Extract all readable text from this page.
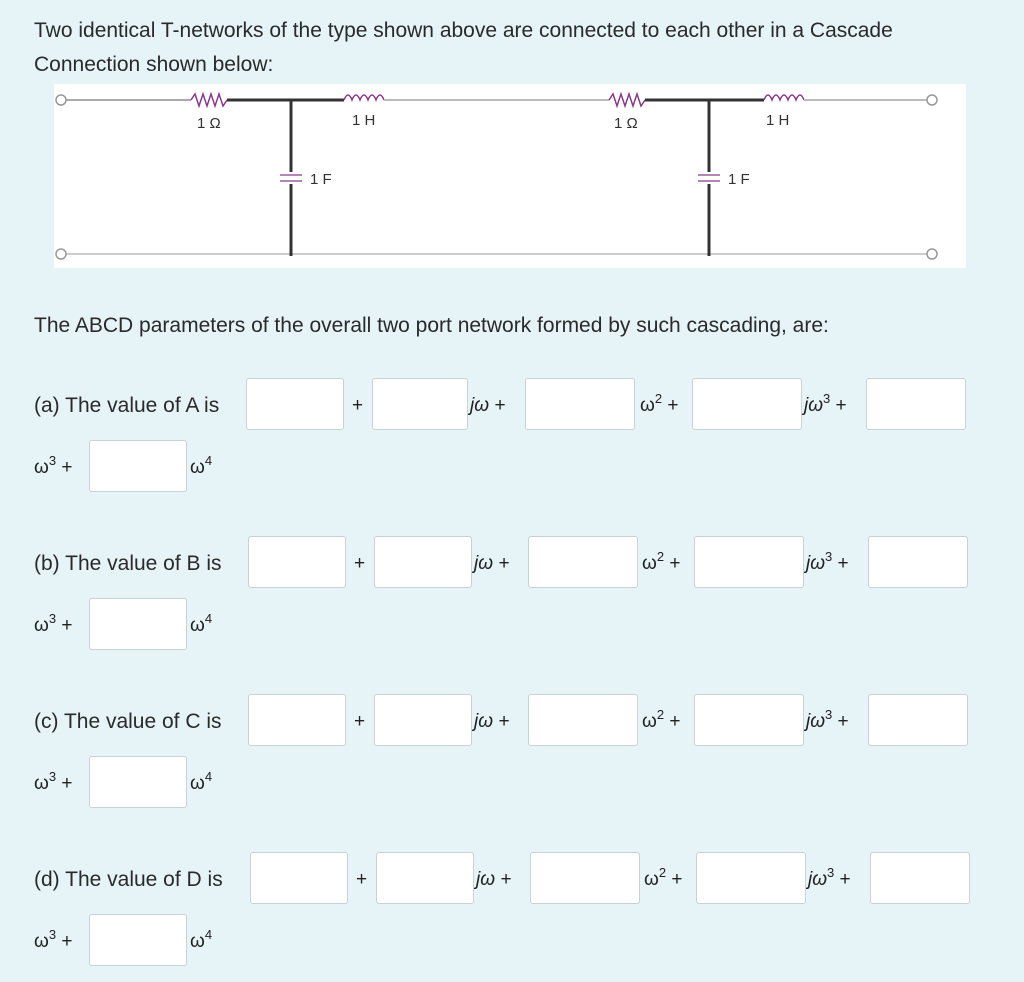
Two identical T-networks of the type shown above are connected to each other in a Cascade Connection shown below:
1 Ω	1 H
1 F
1 Ω	1 H
1 F
The ABCD parameters of the overall two port network formed by such cascading, are:
(a) The value of A is	+	jω +	$\omega^2$ +	$j\omega^3$ +
$\omega^3$ +	$\omega^4$
(b) The value of B is	+	jω +	$\omega^2$ +	$j\omega^3$ +
$\omega^3$ +	$\omega^4$
(c) The value of C is	+	jω +	$\omega^2$ +	$j\omega^3$ +
$\omega^3$ +	$\omega^4$
(d) The value of D is	+	jω +	$\omega^2$ +	$j\omega^3$ +
$\omega^3$ +	$\omega^4$
